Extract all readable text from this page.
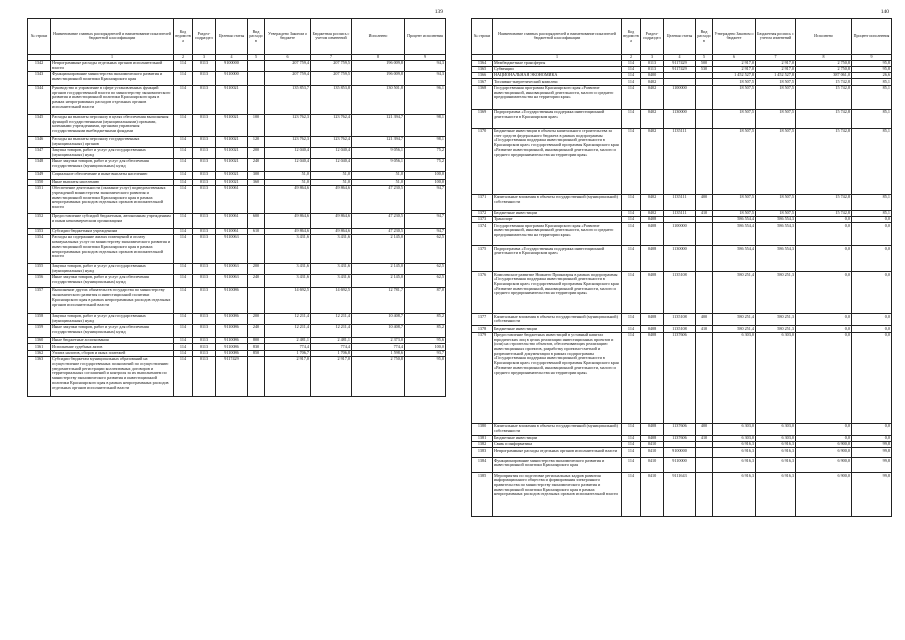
139
№ строки	Наименование главных распорядителей и наименование показателей бюджетной классификации	Код ведомства	Раздел-подраздел	Целевая статья	Вид расходов	Утверждено Законом о бюджете	Бюджетная роспись с учетом изменений	Исполнено	Процент исполнения
	1	2	3	4	5	6	7	8	9
1342	Непрограммные расходы отдельных органов исполнительной власти	114	0113	9100000		207 759,4	207 759,5	196 009,8	94,3
1343	Функционирование министерства экономического развития и инвестиционной политики Красноярского края	114	0113	9110000		207 759,4	207 759,5	196 009,8	94,3
1344	Руководство и управление в сфере установленных функций органов государственной власти по министерству экономического развития и инвестиционной политики Красноярского края в рамках непрограммных расходов отдельных органов исполнительной власти	114	0113	9110021		135 853,7	135 853,8	130 501,8	96,1
1345	Расходы на выплаты персоналу в целях обеспечения выполнения функций государственными (муниципальными) органами, казенными учреждениями, органами управления государственными внебюджетными фондами	114	0113	9110021	100	123 762,3	123 762,4	121 394,7	98,1
1346	Расходы на выплаты персоналу государственных (муниципальных) органов	114	0113	9110021	120	123 762,3	123 762,4	121 394,7	98,1
1347	Закупка товаров, работ и услуг для государственных (муниципальных) нужд	114	0113	9110021	200	12 040,4	12 040,4	9 056,1	75,2
1348	Иные закупки товаров, работ и услуг для обеспечения государственных (муниципальных) нужд	114	0113	9110021	240	12 040,4	12 040,4	9 056,1	75,2
1349	Социальное обеспечение и иные выплаты населению	114	0113	9110021	300	51,0	51,0	51,0	100,0
1350	Иные выплаты населению	114	0113	9110021	360	51,0	51,0	51,0	100,0
1351	Обеспечение деятельности (оказание услуг) подведомственных учреждений министерства экономического развития и инвестиционной политики Красноярского края в рамках непрограммных расходов отдельных органов исполнительной власти	114	0113	9110061		49 864,6	49 864,6	47 230,5	94,7
1352	Предоставление субсидий бюджетным, автономным учреждениям и иным некоммерческим организациям	114	0113	9110061	600	49 864,6	49 864,6	47 230,5	94,7
1353	Субсидии бюджетным учреждениям	114	0113	9110061	610	49 864,6	49 864,6	47 230,5	94,7
1354	Расходы на содержание жилых помещений и оплату коммунальных услуг по министерству экономического развития и инвестиционной политики Красноярского края в рамках непрограммных расходов отдельных органов исполнительной власти	114	0113	9110063		3 431,6	3 431,6	2 145,0	62,5
1355	Закупка товаров, работ и услуг для государственных (муниципальных) нужд	114	0113	9110063	200	3 431,6	3 431,6	2 145,0	62,5
1356	Иные закупки товаров, работ и услуг для обеспечения государственных (муниципальных) нужд	114	0113	9110063	240	3 431,6	3 431,6	2 145,0	62,5
1357	Выполнение других обязательств государства по министерству экономического развития и инвестиционной политики Красноярского края в рамках непрограммных расходов отдельных органов исполнительной власти	114	0113	9110086		14 692,5	14 692,5	12 781,7	87,0
1358	Закупка товаров, работ и услуг для государственных (муниципальных) нужд	114	0113	9110086	200	12 211,4	12 211,4	10 408,7	85,2
1359	Иные закупки товаров, работ и услуг для обеспечения государственных (муниципальных) нужд	114	0113	9110086	240	12 211,4	12 211,4	10 408,7	85,2
1360	Иные бюджетные ассигнования	114	0113	9110086	800	2 481,1	2 481,1	2 373,0	95,6
1361	Исполнение судебных актов	114	0113	9110086	830	774,4	774,4	774,4	100,0
1362	Уплата налогов, сборов и иных платежей	114	0113	9110086	850	1 706,7	1 706,8	1 598,6	93,7
1363	Субсидии бюджетам муниципальных образований на осуществление государственных полномочий по осуществлению уведомительной регистрации коллективных договоров и территориальных соглашений и контроля за их выполнением по министерству экономического развития и инвестиционной политики Красноярского края в рамках непрограммных расходов отдельных органов исполнительной власти	114	0113	9117429		2 917,0	2 917,0	2 750,8	95,8
140
№ строки	Наименование главных распорядителей и наименование показателей бюджетной классификации	Код ведомства	Раздел-подраздел	Целевая статья	Вид расходов	Утверждено Законом о бюджете	Бюджетная роспись с учетом изменений	Исполнено	Процент исполнения
	1	2	3	4	5	6	7	8	9
1364	Межбюджетные трансферты	114	0113	9117429	500	2 917,0	2 917,0	2 750,8	95,8
1365	Субвенции	114	0113	9117429	530	2 917,0	2 917,0	2 750,8	95,8
1366	НАЦИОНАЛЬНАЯ ЭКОНОМИКА	114	0400			1 452 527,8	1 452 527,8	387 061,0	26,6
1367	Топливно-энергетический комплекс	114	0402			18 507,5	18 507,5	15 742,8	85,1
1368	Государственная программа Красноярского края «Развитие инвестиционной, инновационной деятельности, малого и среднего предпринимательства на территории края»	114	0402	1100000		18 507,5	18 507,5	15 742,8	85,1
1369	Подпрограмма «Государственная поддержка инвестиционной деятельности в Красноярском крае»	114	0402	1130000		18 507,5	18 507,5	15 742,8	85,1
1370	Бюджетные инвестиции в объекты капитального строительства за счет средств федерального бюджета в рамках подпрограммы «Государственная поддержка инвестиционной деятельности в Красноярском крае» государственной программы Красноярского края «Развитие инвестиционной, инновационной деятельности, малого и среднего предпринимательства на территории края»	114	0402	1135111		18 507,5	18 507,5	15 742,8	85,1
1371	Капитальные вложения в объекты государственной (муниципальной) собственности	114	0402	1135111	400	18 507,5	18 507,5	15 742,8	85,1
1372	Бюджетные инвестиции	114	0402	1135111	410	18 507,5	18 507,5	15 742,8	85,1
1373	Транспорт	114	0408			586 554,4	586 554,3	0,0	0,0
1374	Государственная программа Красноярского края «Развитие инвестиционной, инновационной деятельности, малого и среднего предпринимательства на территории края»	114	0408	1100000		586 554,4	586 554,3	0,0	0,0
1375	Подпрограмма «Государственная поддержка инвестиционной деятельности в Красноярском крае»	114	0408	1130000		586 554,4	586 554,3	0,0	0,0
1376	Комплексное развитие Нижнего Приангарья в рамках подпрограммы «Государственная поддержка инвестиционной деятельности в Красноярском крае» государственной программы Красноярского края «Развитие инвестиционной, инновационной деятельности, малого и среднего предпринимательства на территории края»	114	0408	1135108		580 251,4	580 251,3	0,0	0,0
1377	Капитальные вложения в объекты государственной (муниципальной) собственности	114	0408	1135108	400	580 251,4	580 251,3	0,0	0,0
1378	Бюджетные инвестиции	114	0408	1135108	410	580 251,4	580 251,3	0,0	0,0
1379	Предоставление бюджетных инвестиций в уставный капитал юридических лиц в целях реализации инвестиционных проектов и (или) на строительство объектов, обеспечивающих реализацию инвестиционных проектов, разработку проектно-сметной и разрешительной документации в рамках подпрограммы «Государственная поддержка инвестиционной деятельности в Красноярском крае» государственной программы Красноярского края «Развитие инвестиционной, инновационной деятельности, малого и среднего предпринимательства на территории края»	114	0408	1137606		6 303,0	6 303,0	0,0	0,0
1380	Капитальные вложения в объекты государственной (муниципальной) собственности	114	0408	1137606	400	6 303,0	6 303,0	0,0	0,0
1381	Бюджетные инвестиции	114	0408	1137606	410	6 303,0	6 303,0	0,0	0,0
1382	Связь и информатика	114	0410			6 916,3	6 916,3	6 900,0	99,8
1383	Непрограммные расходы отдельных органов исполнительной власти	114	0410	9100000		6 916,3	6 916,3	6 900,0	99,8
1384	Функционирование министерства экономического развития и инвестиционной политики Красноярского края	114	0410	9110000		6 916,3	6 916,3	6 900,0	99,8
1385	Мероприятия по подготовке региональных кадров развития информационного общества и формирования электронного правительства по министерству экономического развития и инвестиционной политики Красноярского края в рамках непрограммных расходов отдельных органов исполнительной власти	114	0410	9111643		6 916,3	6 916,3	6 900,0	99,8
